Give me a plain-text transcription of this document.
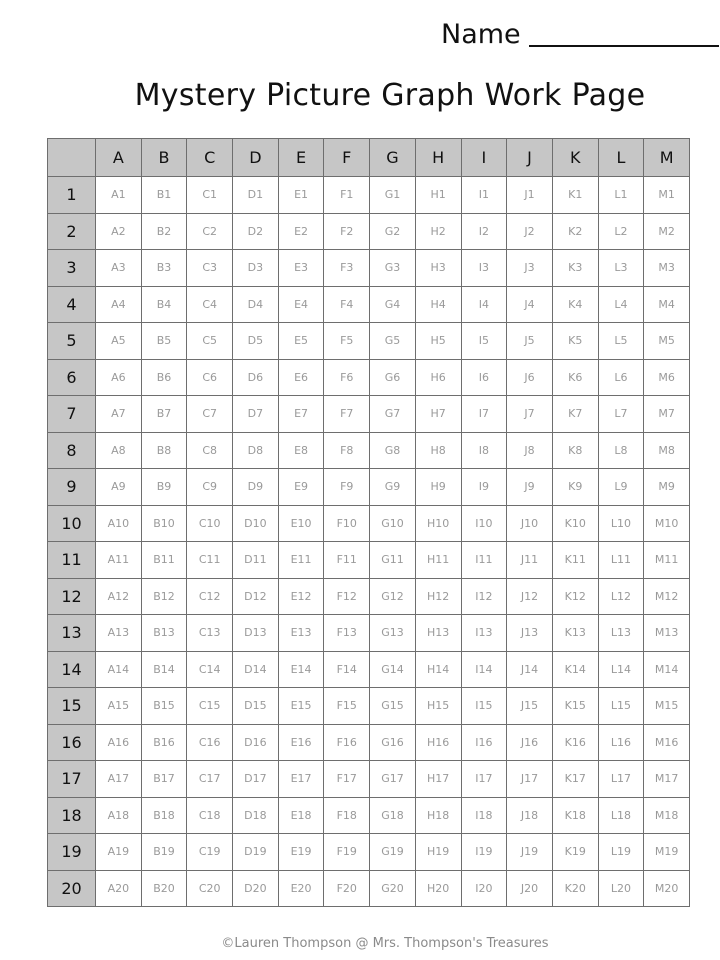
Name
Mystery Picture Graph Work Page
	A	B	C	D	E	F	G	H	I	J	K	L	M
1	A1	B1	C1	D1	E1	F1	G1	H1	I1	J1	K1	L1	M1
2	A2	B2	C2	D2	E2	F2	G2	H2	I2	J2	K2	L2	M2
3	A3	B3	C3	D3	E3	F3	G3	H3	I3	J3	K3	L3	M3
4	A4	B4	C4	D4	E4	F4	G4	H4	I4	J4	K4	L4	M4
5	A5	B5	C5	D5	E5	F5	G5	H5	I5	J5	K5	L5	M5
6	A6	B6	C6	D6	E6	F6	G6	H6	I6	J6	K6	L6	M6
7	A7	B7	C7	D7	E7	F7	G7	H7	I7	J7	K7	L7	M7
8	A8	B8	C8	D8	E8	F8	G8	H8	I8	J8	K8	L8	M8
9	A9	B9	C9	D9	E9	F9	G9	H9	I9	J9	K9	L9	M9
10	A10	B10	C10	D10	E10	F10	G10	H10	I10	J10	K10	L10	M10
11	A11	B11	C11	D11	E11	F11	G11	H11	I11	J11	K11	L11	M11
12	A12	B12	C12	D12	E12	F12	G12	H12	I12	J12	K12	L12	M12
13	A13	B13	C13	D13	E13	F13	G13	H13	I13	J13	K13	L13	M13
14	A14	B14	C14	D14	E14	F14	G14	H14	I14	J14	K14	L14	M14
15	A15	B15	C15	D15	E15	F15	G15	H15	I15	J15	K15	L15	M15
16	A16	B16	C16	D16	E16	F16	G16	H16	I16	J16	K16	L16	M16
17	A17	B17	C17	D17	E17	F17	G17	H17	I17	J17	K17	L17	M17
18	A18	B18	C18	D18	E18	F18	G18	H18	I18	J18	K18	L18	M18
19	A19	B19	C19	D19	E19	F19	G19	H19	I19	J19	K19	L19	M19
20	A20	B20	C20	D20	E20	F20	G20	H20	I20	J20	K20	L20	M20
©Lauren Thompson @ Mrs. Thompson's Treasures
